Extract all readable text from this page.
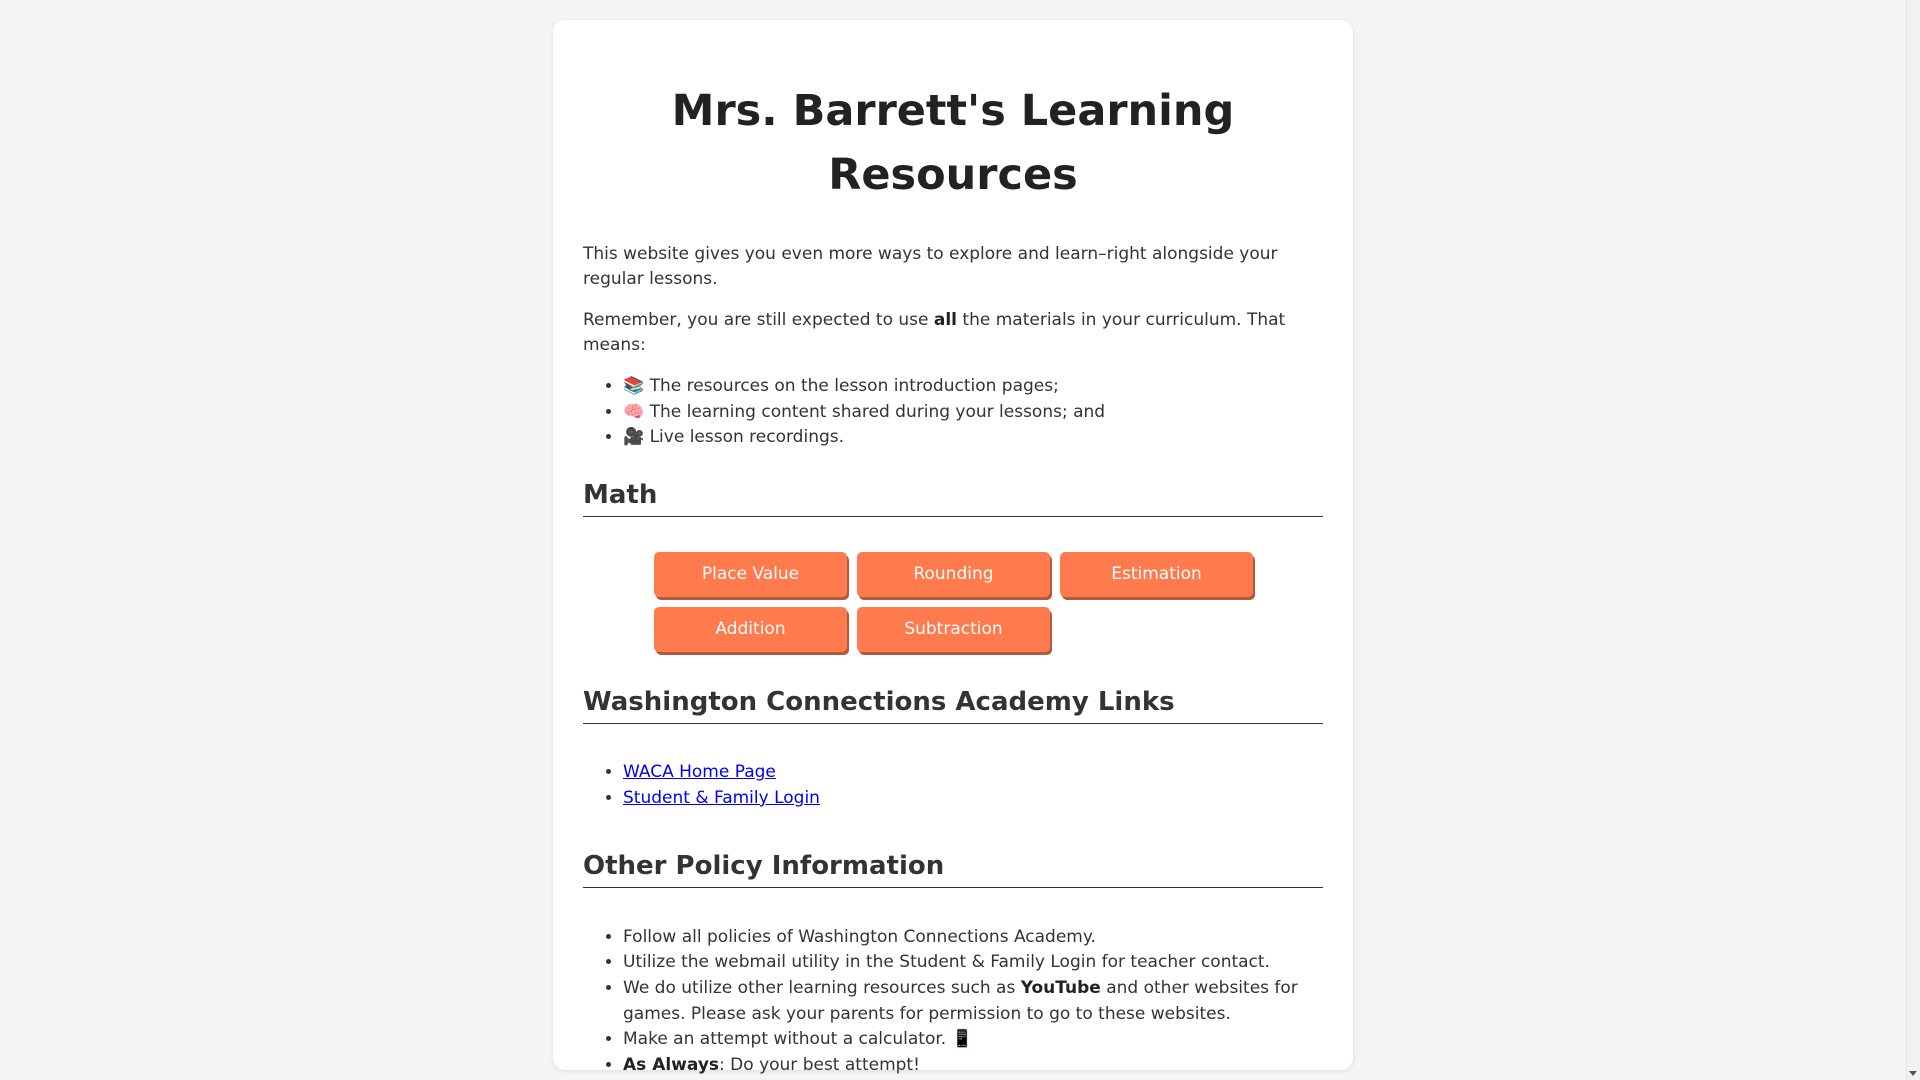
Mrs. Barrett's Learning
Resources

This website gives you even more ways to explore and learn–right alongside your regular lessons.

Remember, you are still expected to use all the materials in your curriculum. That means:

• 📚 The resources on the lesson introduction pages;
• 🧠 The learning content shared during your lessons; and
• 🎥 Live lesson recordings.
Math
Place Value	Rounding	Estimation
Addition	Subtraction
Washington Connections Academy Links
• WACA Home Page
• Student & Family Login
Other Policy Information
• Follow all policies of Washington Connections Academy.
• Utilize the webmail utility in the Student & Family Login for teacher contact.
• We do utilize other learning resources such as YouTube and other websites for games. Please ask your parents for permission to go to these websites.
• Make an attempt without a calculator. 📱
• As Always: Do your best attempt!
